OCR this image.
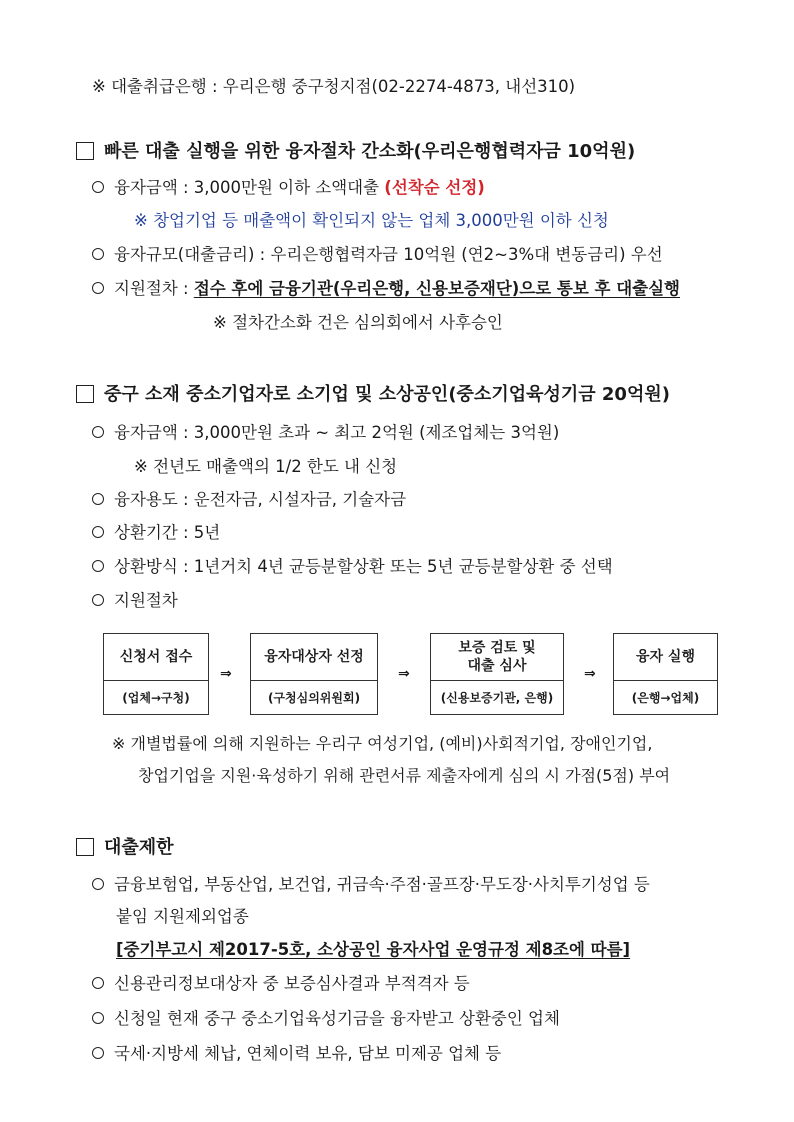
※ 대출취급은행 : 우리은행 중구청지점(02-2274-4873, 내선310)
빠른 대출 실행을 위한 융자절차 간소화(우리은행협력자금 10억원)
융자금액 : 3,000만원 이하 소액대출 (선착순 선정)
※ 창업기업 등 매출액이 확인되지 않는 업체 3,000만원 이하 신청
융자규모(대출금리) : 우리은행협력자금 10억원 (연2~3%대 변동금리) 우선
지원절차 : 접수 후에 금융기관(우리은행, 신용보증재단)으로 통보 후 대출실행
※ 절차간소화 건은 심의회에서 사후승인
중구 소재 중소기업자로 소기업 및 소상공인(중소기업육성기금 20억원)
융자금액 : 3,000만원 초과 ~ 최고 2억원 (제조업체는 3억원)
※ 전년도 매출액의 1/2 한도 내 신청
융자용도 : 운전자금, 시설자금, 기술자금
상환기간 : 5년
상환방식 : 1년거치 4년 균등분할상환 또는 5년 균등분할상환 중 선택
지원절차
신청서 접수
(업체→구청)
⇒
융자대상자 선정
(구청심의위원회)
⇒
보증 검토 및
대출 심사
(신용보증기관, 은행)
⇒
융자 실행
(은행→업체)
※ 개별법률에 의해 지원하는 우리구 여성기업, (예비)사회적기업, 장애인기업,
창업기업을 지원·육성하기 위해 관련서류 제출자에게 심의 시 가점(5점) 부여
대출제한
금융보험업, 부동산업, 보건업, 귀금속·주점·골프장·무도장·사치투기성업 등
붙임 지원제외업종
[중기부고시 제2017-5호, 소상공인 융자사업 운영규정 제8조에 따름]
신용관리정보대상자 중 보증심사결과 부적격자 등
신청일 현재 중구 중소기업육성기금을 융자받고 상환중인 업체
국세·지방세 체납, 연체이력 보유, 담보 미제공 업체 등
